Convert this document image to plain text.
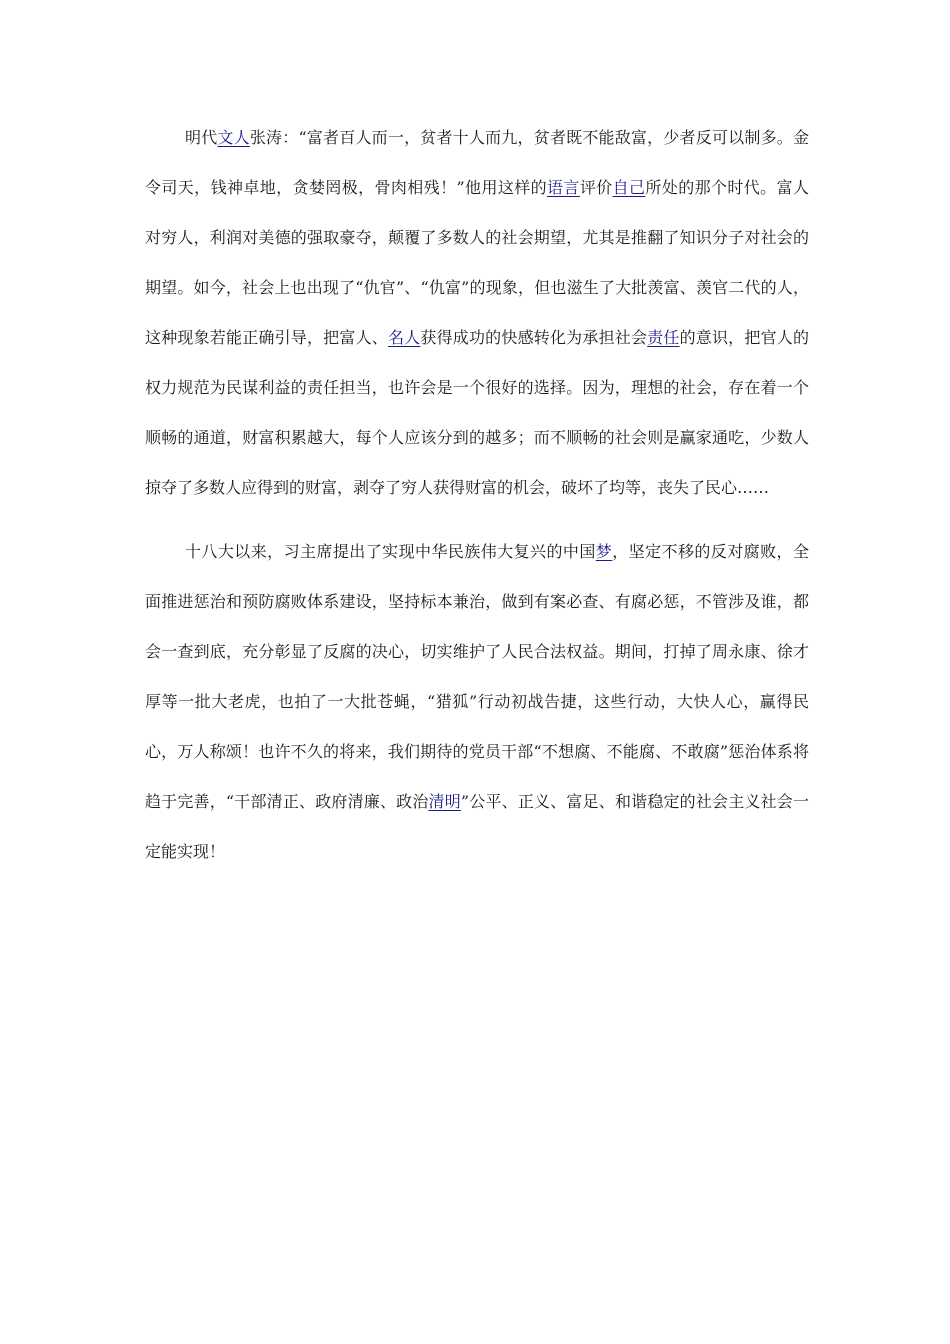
明代文人张涛：“富者百人而一，贫者十人而九，贫者既不能敌富，少者反可以制多。金令司天，钱神卓地，贪婪罔极，骨肉相残！”他用这样的语言评价自己所处的那个时代。富人对穷人，利润对美德的强取豪夺，颠覆了多数人的社会期望，尤其是推翻了知识分子对社会的期望。如今，社会上也出现了“仇官”、“仇富”的现象，但也滋生了大批羡富、羡官二代的人，这种现象若能正确引导，把富人、名人获得成功的快感转化为承担社会责任的意识，把官人的权力规范为民谋利益的责任担当，也许会是一个很好的选择。因为，理想的社会，存在着一个顺畅的通道，财富积累越大，每个人应该分到的越多；而不顺畅的社会则是赢家通吃，少数人掠夺了多数人应得到的财富，剥夺了穷人获得财富的机会，破坏了均等，丧失了民心……

十八大以来，习主席提出了实现中华民族伟大复兴的中国梦，坚定不移的反对腐败，全面推进惩治和预防腐败体系建设，坚持标本兼治，做到有案必查、有腐必惩，不管涉及谁，都会一查到底，充分彰显了反腐的决心，切实维护了人民合法权益。期间，打掉了周永康、徐才厚等一批大老虎，也拍了一大批苍蝇，“猎狐”行动初战告捷，这些行动，大快人心，赢得民心，万人称颂！也许不久的将来，我们期待的党员干部“不想腐、不能腐、不敢腐”惩治体系将趋于完善，“干部清正、政府清廉、政治清明”公平、正义、富足、和谐稳定的社会主义社会一定能实现！
